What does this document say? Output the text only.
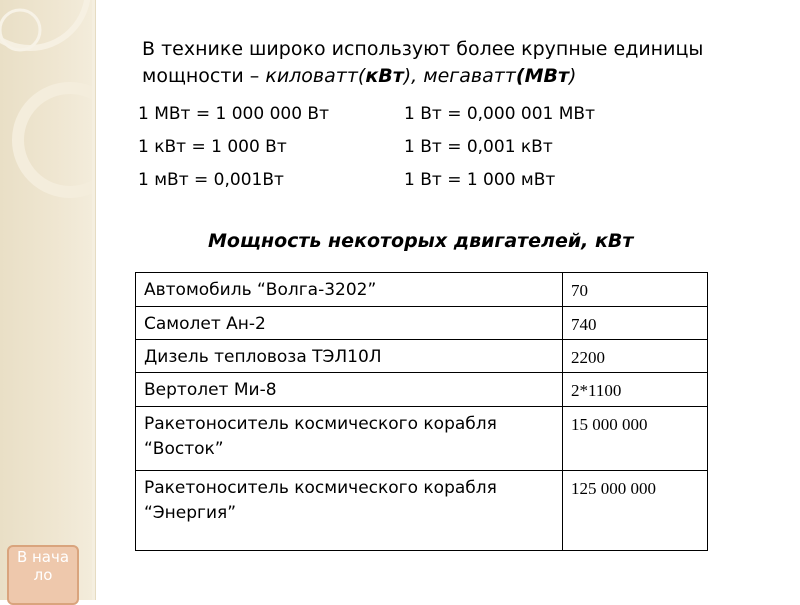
В технике широко используют более крупные единицы мощности – киловатт(кВт), мегаватт(МВт)
1 МВт = 1 000 000 Вт	1 Вт = 0,000 001 МВт
1 кВт = 1 000 Вт	1 Вт = 0,001 кВт
1 мВт = 0,001Вт	1 Вт = 1 000 мВт
Мощность некоторых двигателей, кВт
Автомобиль “Волга-3202”	70
Самолет Ан-2	740
Дизель тепловоза ТЭЛ10Л	2200
Вертолет Ми-8	2*1100
Ракетоноситель космического корабля “Восток”	15 000 000
Ракетоноситель космического корабля “Энергия”	125 000 000
В начало
